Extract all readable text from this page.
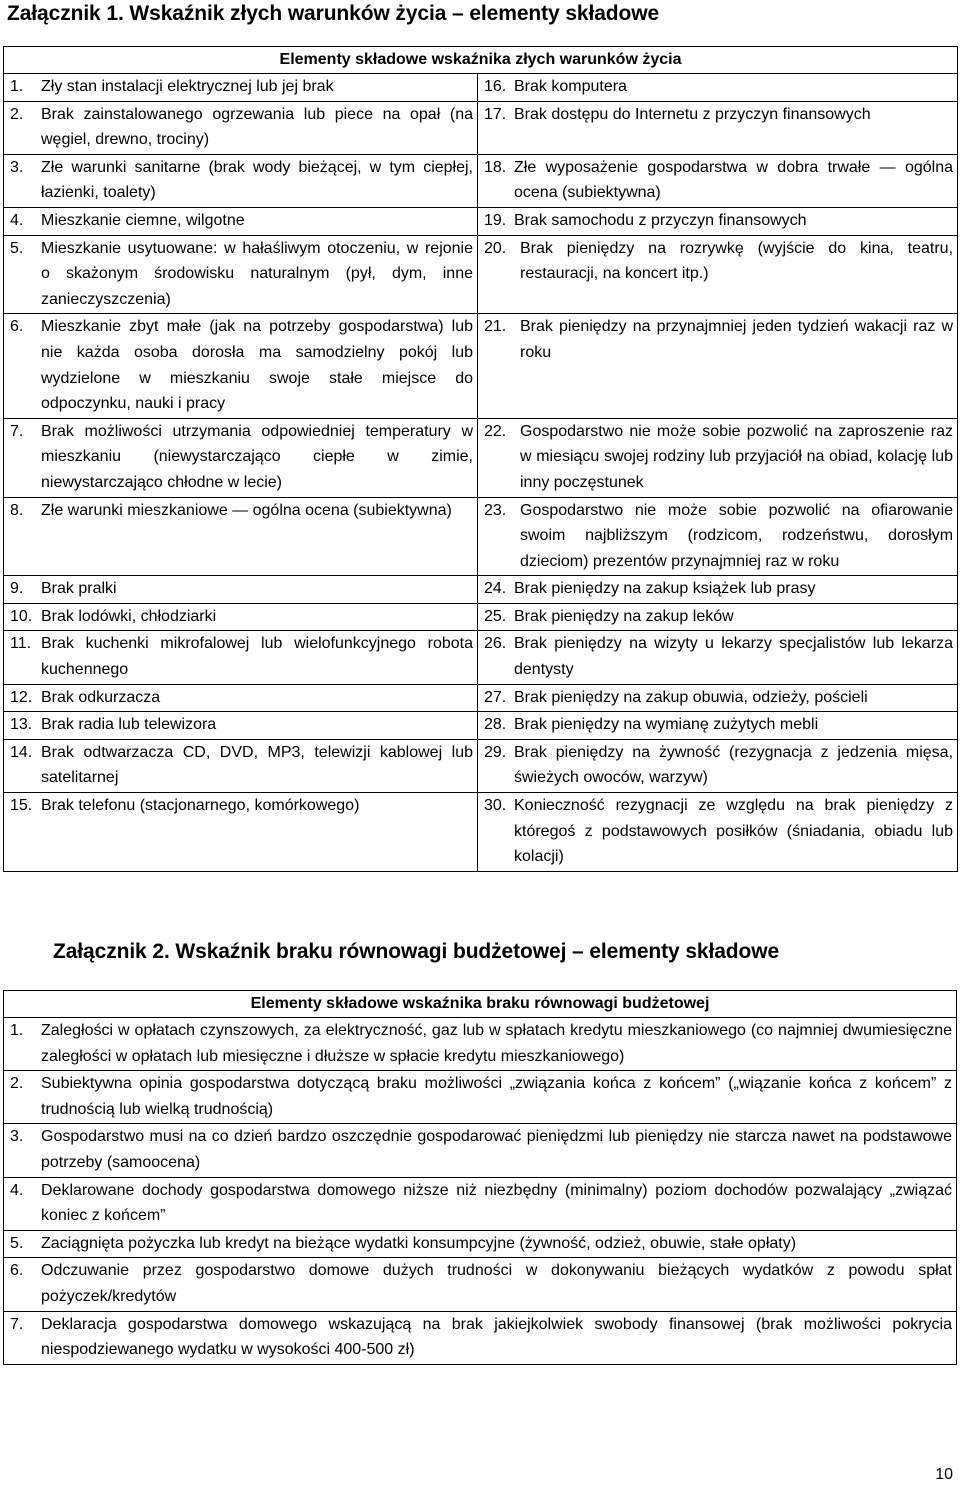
Załącznik 1. Wskaźnik złych warunków życia – elementy składowe
Elementy składowe wskaźnika złych warunków życia	

1. Zły stan instalacji elektrycznej lub jej brak	16. Brak komputera

2. Brak zainstalowanego ogrzewania lub piece na opał (na węgiel, drewno, trociny)	17. Brak dostępu do Internetu z przyczyn finansowych

3. Złe warunki sanitarne (brak wody bieżącej, w tym ciepłej, łazienki, toalety)	18. Złe wyposażenie gospodarstwa w dobra trwałe — ogólna ocena (subiektywna)

4. Mieszkanie ciemne, wilgotne	19. Brak samochodu z przyczyn finansowych

5. Mieszkanie usytuowane: w hałaśliwym otoczeniu, w rejonie o skażonym środowisku naturalnym (pył, dym, inne zanieczyszczenia)	20. Brak pieniędzy na rozrywkę (wyjście do kina, teatru, restauracji, na koncert itp.)

6. Mieszkanie zbyt małe (jak na potrzeby gospodarstwa) lub nie każda osoba dorosła ma samodzielny pokój lub wydzielone w mieszkaniu swoje stałe miejsce do odpoczynku, nauki i pracy	21. Brak pieniędzy na przynajmniej jeden tydzień wakacji raz w roku

7. Brak możliwości utrzymania odpowiedniej temperatury w mieszkaniu (niewystarczająco ciepłe w zimie, niewystarczająco chłodne w lecie)	22. Gospodarstwo nie może sobie pozwolić na zaproszenie raz w miesiącu swojej rodziny lub przyjaciół na obiad, kolację lub inny poczęstunek

8. Złe warunki mieszkaniowe — ogólna ocena (subiektywna)	23. Gospodarstwo nie może sobie pozwolić na ofiarowanie swoim najbliższym (rodzicom, rodzeństwu, dorosłym dzieciom) prezentów przynajmniej raz w roku

9. Brak pralki	24. Brak pieniędzy na zakup książek lub prasy

10. Brak lodówki, chłodziarki	25. Brak pieniędzy na zakup leków

11. Brak kuchenki mikrofalowej lub wielofunkcyjnego robota kuchennego	26. Brak pieniędzy na wizyty u lekarzy specjalistów lub lekarza dentysty

12. Brak odkurzacza	27. Brak pieniędzy na zakup obuwia, odzieży, pościeli

13. Brak radia lub telewizora	28. Brak pieniędzy na wymianę zużytych mebli

14. Brak odtwarzacza CD, DVD, MP3, telewizji kablowej lub satelitarnej	29. Brak pieniędzy na żywność (rezygnacja z jedzenia mięsa, świeżych owoców, warzyw)

15. Brak telefonu (stacjonarnego, komórkowego)	30. Konieczność rezygnacji ze względu na brak pieniędzy z któregoś z podstawowych posiłków (śniadania, obiadu lub kolacji)
Załącznik 2. Wskaźnik braku równowagi budżetowej – elementy składowe
Elementy składowe wskaźnika braku równowagi budżetowej

1.	Zaległości w opłatach czynszowych, za elektryczność, gaz lub w spłatach kredytu mieszkaniowego (co najmniej dwumiesięczne zaległości w opłatach lub miesięczne i dłuższe w spłacie kredytu mieszkaniowego)

2.	Subiektywna opinia gospodarstwa dotyczącą braku możliwości „związania końca z końcem” („wiązanie końca z końcem” z trudnością lub wielką trudnością)

3.	Gospodarstwo musi na co dzień bardzo oszczędnie gospodarować pieniędzmi lub pieniędzy nie starcza nawet na podstawowe potrzeby (samoocena)

4.	Deklarowane dochody gospodarstwa domowego niższe niż niezbędny (minimalny) poziom dochodów pozwalający „związać koniec z końcem”

5.	Zaciągnięta pożyczka lub kredyt na bieżące wydatki konsumpcyjne (żywność, odzież, obuwie, stałe opłaty)

6.	Odczuwanie przez gospodarstwo domowe dużych trudności w dokonywaniu bieżących wydatków z powodu spłat pożyczek/kredytów

7.	Deklaracja gospodarstwa domowego wskazującą na brak jakiejkolwiek swobody finansowej (brak możliwości pokrycia niespodziewanego wydatku w wysokości 400-500 zł)
10
